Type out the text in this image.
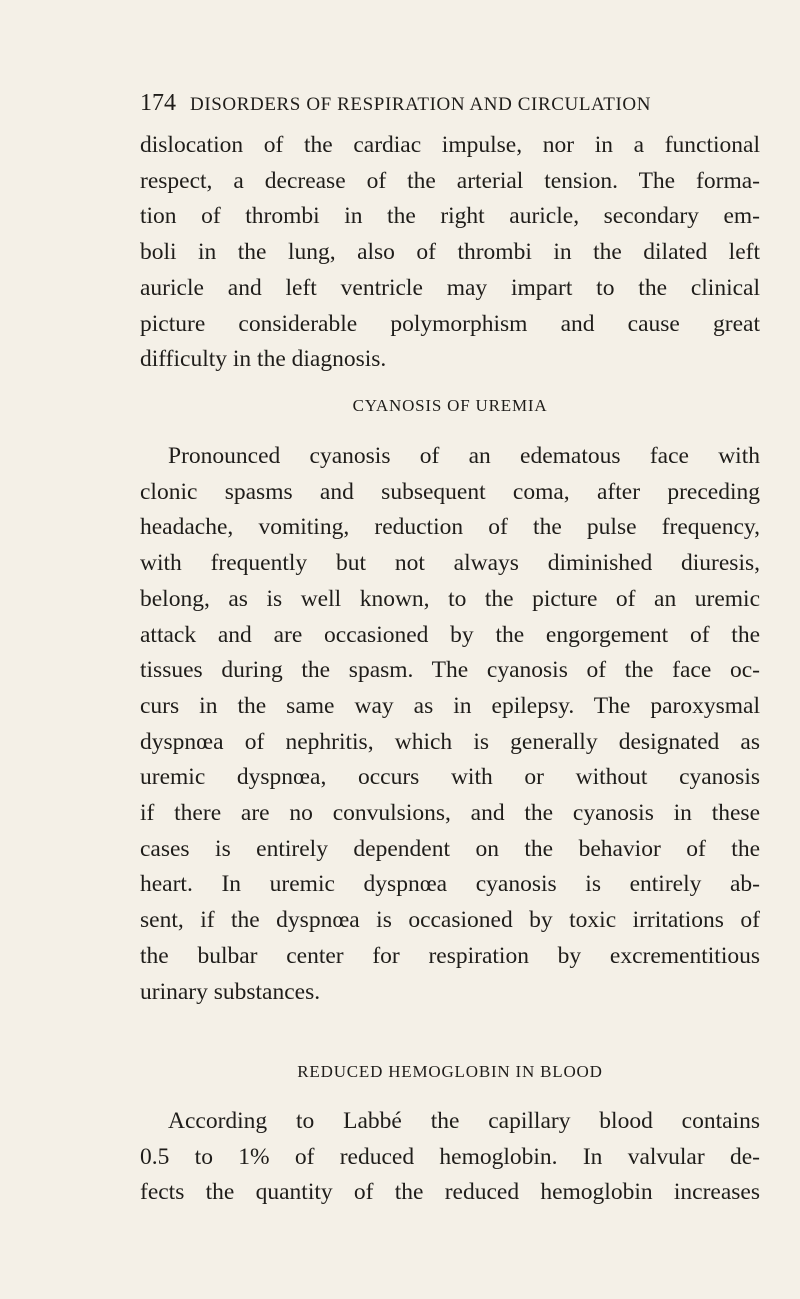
174 DISORDERS OF RESPIRATION AND CIRCULATION

dislocation of the cardiac impulse, nor in a functional
respect, a decrease of the arterial tension. The forma-
tion of thrombi in the right auricle, secondary em-
boli in the lung, also of thrombi in the dilated left
auricle and left ventricle may impart to the clinical
picture considerable polymorphism and cause great
difficulty in the diagnosis.

CYANOSIS OF UREMIA

Pronounced cyanosis of an edematous face with
clonic spasms and subsequent coma, after preceding
headache, vomiting, reduction of the pulse frequency,
with frequently but not always diminished diuresis,
belong, as is well known, to the picture of an uremic
attack and are occasioned by the engorgement of the
tissues during the spasm. The cyanosis of the face oc-
curs in the same way as in epilepsy. The paroxysmal
dyspnœa of nephritis, which is generally designated as
uremic dyspnœa, occurs with or without cyanosis
if there are no convulsions, and the cyanosis in these
cases is entirely dependent on the behavior of the
heart. In uremic dyspnœa cyanosis is entirely ab-
sent, if the dyspnœa is occasioned by toxic irritations of
the bulbar center for respiration by excrementitious
urinary substances.

REDUCED HEMOGLOBIN IN BLOOD

According to Labbé the capillary blood contains
0.5 to 1% of reduced hemoglobin. In valvular de-
fects the quantity of the reduced hemoglobin increases
